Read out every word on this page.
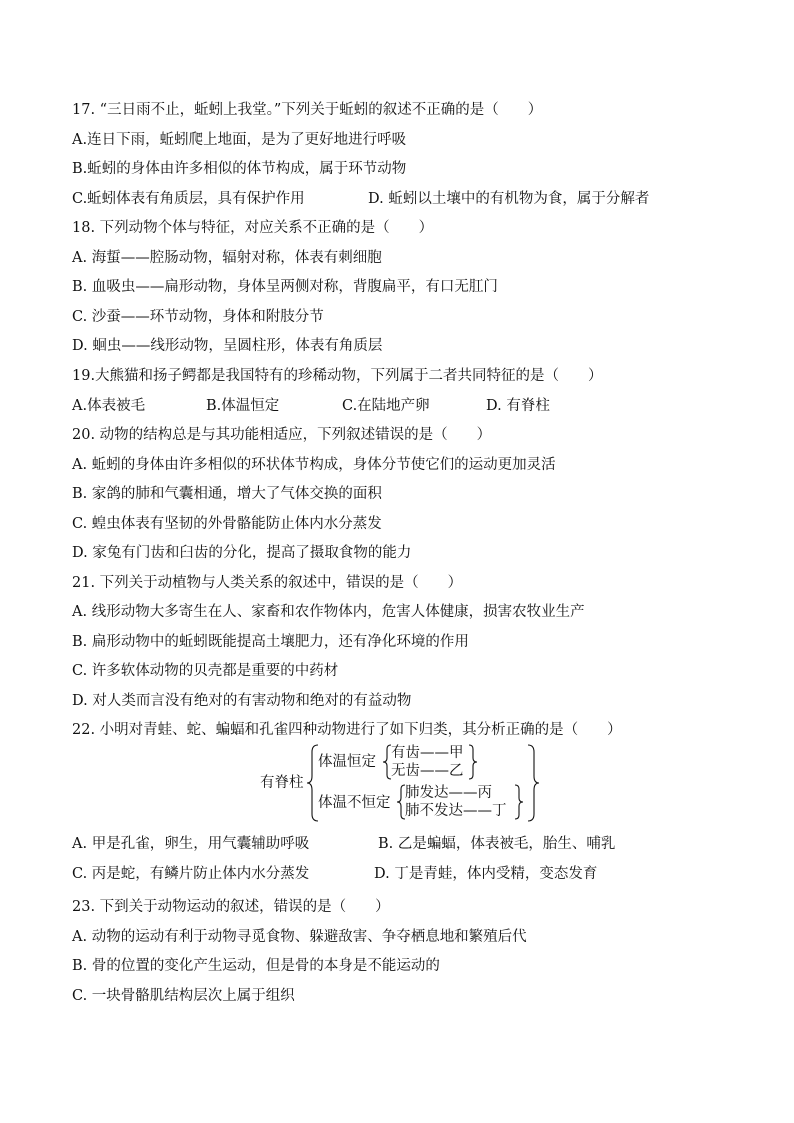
17. “三日雨不止，蚯蚓上我堂。”下列关于蚯蚓的叙述不正确的是（　　）
A.连日下雨，蚯蚓爬上地面，是为了更好地进行呼吸
B.蚯蚓的身体由许多相似的体节构成，属于环节动物
C.蚯蚓体表有角质层，具有保护作用	D. 蚯蚓以土壤中的有机物为食，属于分解者
18. 下列动物个体与特征，对应关系不正确的是（　　）
A. 海蜇——腔肠动物，辐射对称，体表有刺细胞
B. 血吸虫——扁形动物，身体呈两侧对称，背腹扁平，有口无肛门
C. 沙蚕——环节动物，身体和附肢分节
D. 蛔虫——线形动物，呈圆柱形，体表有角质层
19.大熊猫和扬子鳄都是我国特有的珍稀动物，下列属于二者共同特征的是（　　）
A.体表被毛	B.体温恒定	C.在陆地产卵	D. 有脊柱
20. 动物的结构总是与其功能相适应，下列叙述错误的是（　　）
A. 蚯蚓的身体由许多相似的环状体节构成，身体分节使它们的运动更加灵活
B. 家鸽的肺和气囊相通，增大了气体交换的面积
C. 蝗虫体表有坚韧的外骨骼能防止体内水分蒸发
D. 家兔有门齿和臼齿的分化，提高了摄取食物的能力
21. 下列关于动植物与人类关系的叙述中，错误的是（　　）
A. 线形动物大多寄生在人、家畜和农作物体内，危害人体健康，损害农牧业生产
B. 扁形动物中的蚯蚓既能提高土壤肥力，还有净化环境的作用
C. 许多软体动物的贝壳都是重要的中药材
D. 对人类而言没有绝对的有害动物和绝对的有益动物
22. 小明对青蛙、蛇、蝙蝠和孔雀四种动物进行了如下归类，其分析正确的是（　　）
A. 甲是孔雀，卵生，用气囊辅助呼吸	B. 乙是蝙蝠，体表被毛，胎生、哺乳
C. 丙是蛇，有鳞片防止体内水分蒸发	D. 丁是青蛙，体内受精，变态发育
23. 下到关于动物运动的叙述，错误的是（　　）
A. 动物的运动有利于动物寻觅食物、躲避敌害、争夺栖息地和繁殖后代
B. 骨的位置的变化产生运动，但是骨的本身是不能运动的
C. 一块骨骼肌结构层次上属于组织
有脊柱
体温恒定
有齿——甲
无齿——乙
体温不恒定
肺发达——丙
肺不发达——丁
